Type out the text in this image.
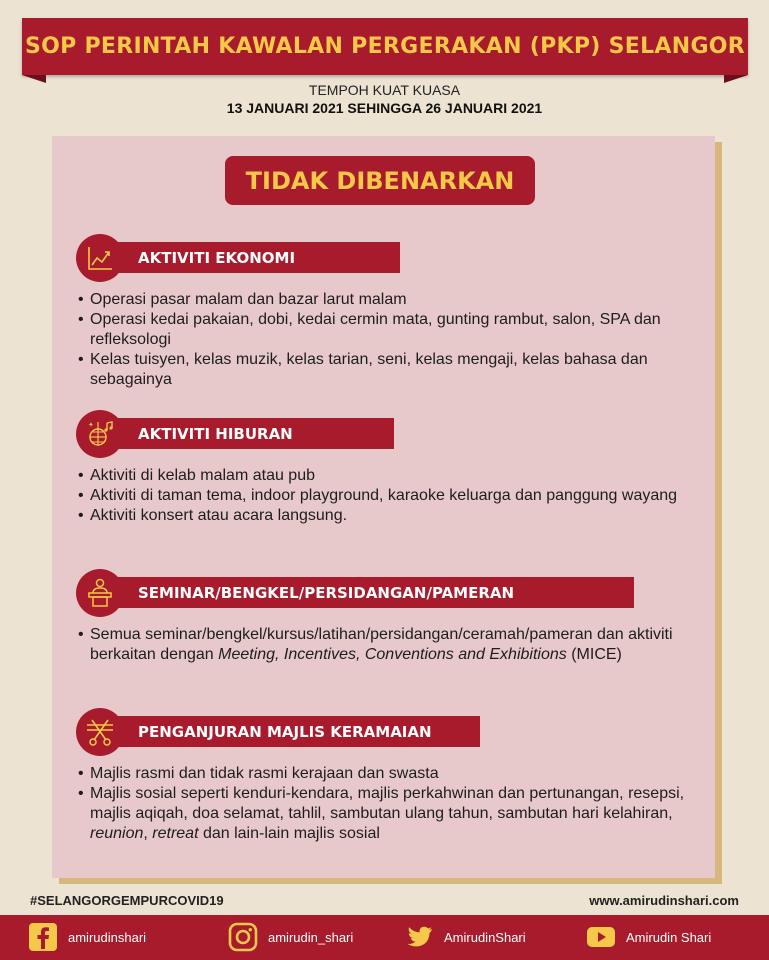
SOP PERINTAH KAWALAN PERGERAKAN (PKP) SELANGOR
TEMPOH KUAT KUASA
13 JANUARI 2021 SEHINGGA 26 JANUARI 2021
TIDAK DIBENARKAN
AKTIVITI EKONOMI
• Operasi pasar malam dan bazar larut malam
• Operasi kedai pakaian, dobi, kedai cermin mata, gunting rambut, salon, SPA dan refleksologi
• Kelas tuisyen, kelas muzik, kelas tarian, seni, kelas mengaji, kelas bahasa dan sebagainya
✦	AKTIVITI HIBURAN
• Aktiviti di kelab malam atau pub
• Aktiviti di taman tema, indoor playground, karaoke keluarga dan panggung wayang
• Aktiviti konsert atau acara langsung.
SEMINAR/BENGKEL/PERSIDANGAN/PAMERAN
• Semua seminar/bengkel/kursus/latihan/persidangan/ceramah/pameran dan aktiviti berkaitan dengan Meeting, Incentives, Conventions and Exhibitions (MICE)
PENGANJURAN MAJLIS KERAMAIAN
• Majlis rasmi dan tidak rasmi kerajaan dan swasta
• Majlis sosial seperti kenduri-kendara, majlis perkahwinan dan pertunangan, resepsi, majlis aqiqah, doa selamat, tahlil, sambutan ulang tahun, sambutan hari kelahiran, reunion, retreat dan lain-lain majlis sosial
#SELANGORGEMPURCOVID19	www.amirudinshari.com
amirudinshari	amirudin_shari	AmirudinShari	Amirudin Shari
